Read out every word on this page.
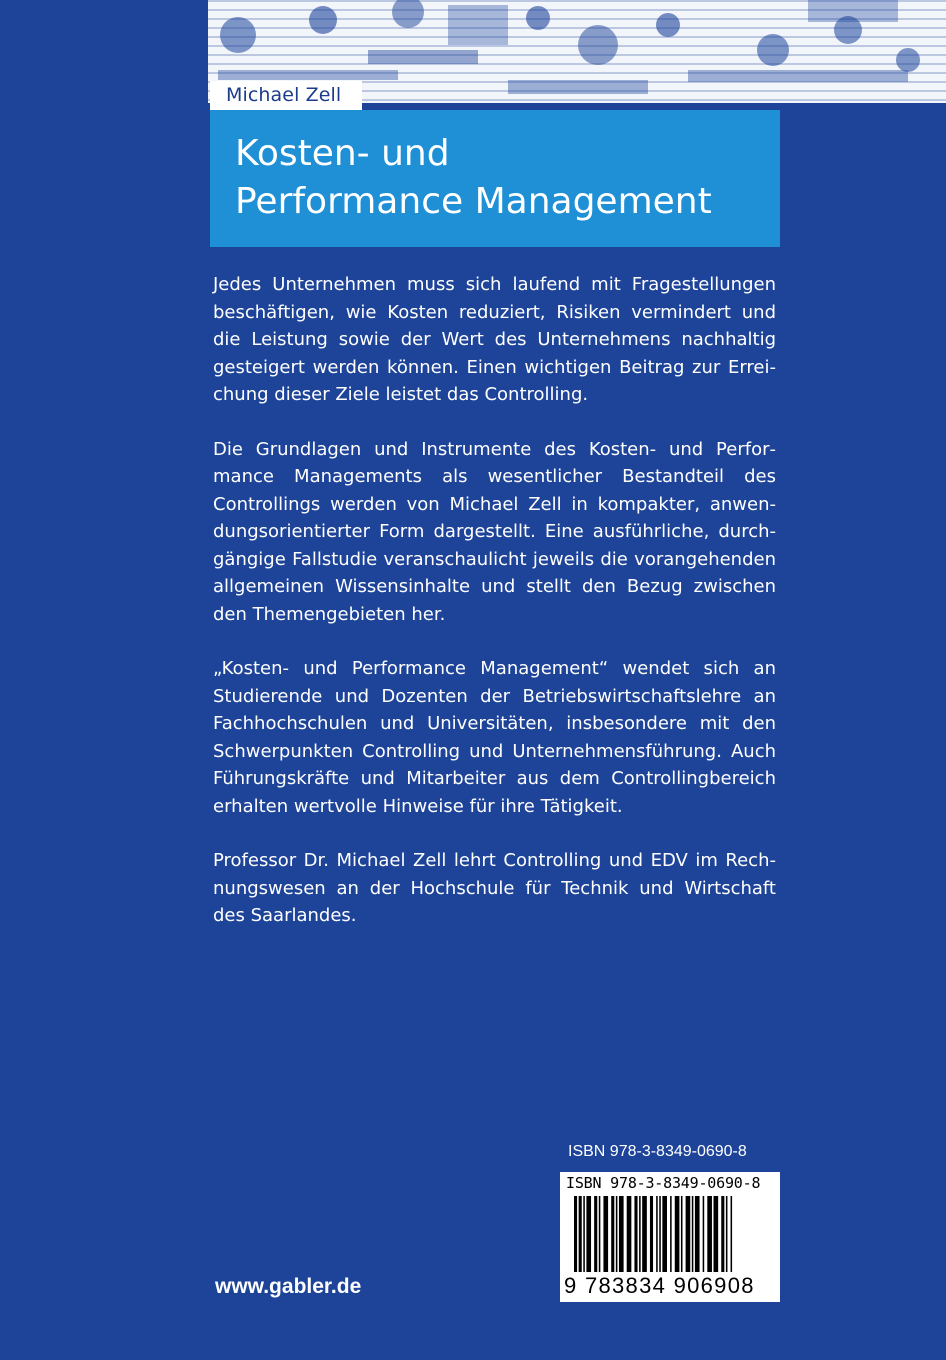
Michael Zell
Kosten- und
Performance Management

Jedes Unternehmen muss sich laufend mit Fragestellungen beschäftigen, wie Kosten reduziert, Risiken vermindert und die Leistung sowie der Wert des Unternehmens nachhaltig gesteigert werden können. Einen wichtigen Beitrag zur Erreichung dieser Ziele leistet das Controlling.

Die Grundlagen und Instrumente des Kosten- und Performance Managements als wesentlicher Bestandteil des Controllings werden von Michael Zell in kompakter, anwendungsorientierter Form dargestellt. Eine ausführliche, durchgängige Fallstudie veranschaulicht jeweils die vorangehenden allgemeinen Wissensinhalte und stellt den Bezug zwischen den Themengebieten her.

„Kosten- und Performance Management“ wendet sich an Studierende und Dozenten der Betriebswirtschaftslehre an Fachhochschulen und Universitäten, insbesondere mit den Schwerpunkten Controlling und Unternehmensführung. Auch Führungskräfte und Mitarbeiter aus dem Controllingbereich erhalten wertvolle Hinweise für ihre Tätigkeit.

Professor Dr. Michael Zell lehrt Controlling und EDV im Rechnungswesen an der Hochschule für Technik und Wirtschaft des Saarlandes.

ISBN 978-3-8349-0690-8
ISBN 978-3-8349-0690-8
9 783834 906908
www.gabler.de
